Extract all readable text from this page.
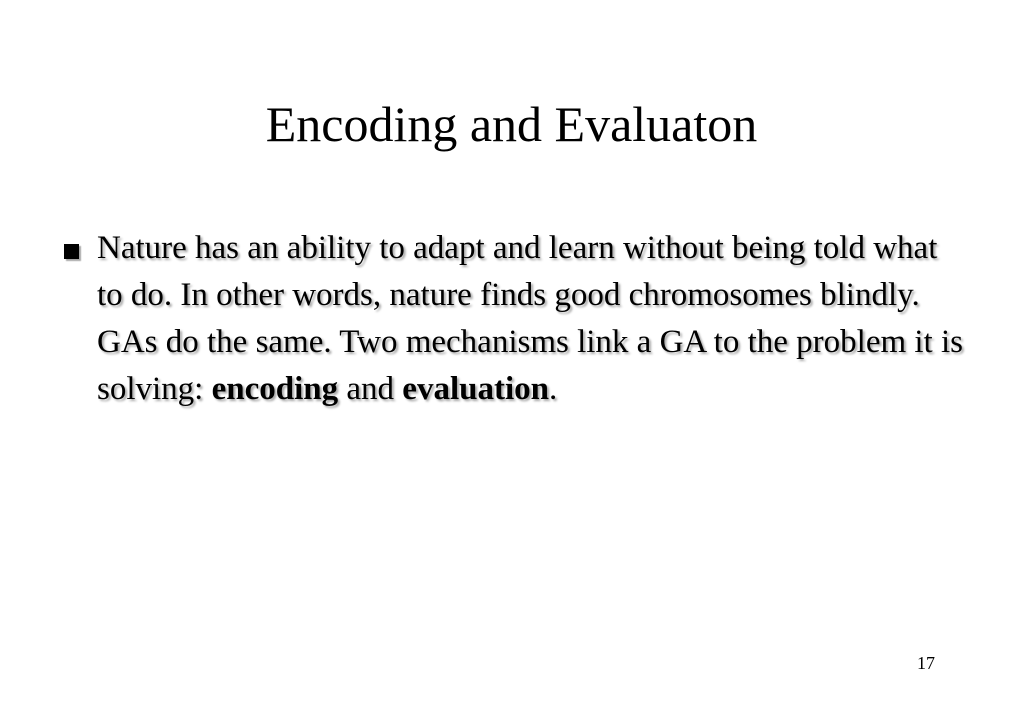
Encoding and Evaluaton

Nature has an ability to adapt and learn without being told what to do. In other words, nature finds good chromosomes blindly. GAs do the same. Two mechanisms link a GA to the problem it is solving: encoding and evaluation.

17
